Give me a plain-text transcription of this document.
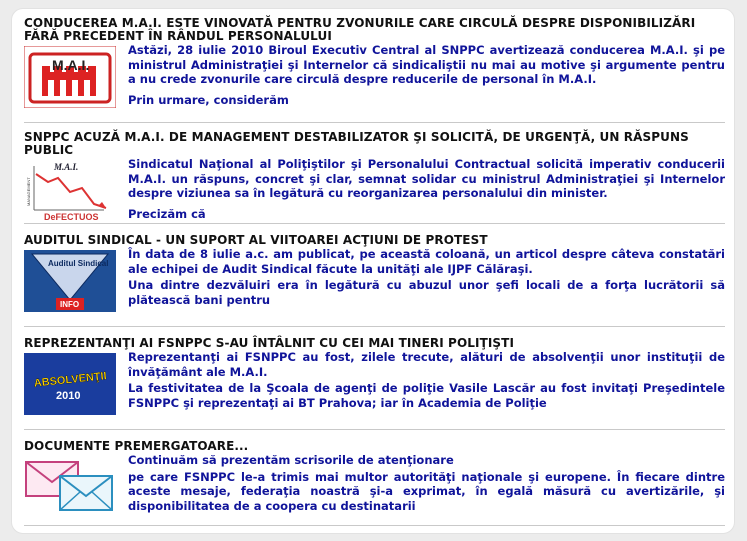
CONDUCEREA M.A.I. ESTE VINOVATĂ PENTRU ZVONURILE CARE CIRCULĂ DESPRE DISPONIBILIZĂRI FĂRĂ PRECEDENT ÎN RÂNDUL PERSONALULUI
M.A.I.

Astăzi, 28 iulie 2010 Biroul Executiv Central al SNPPC avertizează conducerea M.A.I. şi pe ministrul Administraţiei şi Internelor că sindicaliştii nu mai au motive şi argumente pentru a nu crede zvonurile care circulă despre reducerile de personal în M.A.I.

Prin urmare, considerăm
SNPPC ACUZĂ M.A.I. DE MANAGEMENT DESTABILIZATOR ŞI SOLICITĂ, DE URGENŢĂ, UN RĂSPUNS PUBLIC
M.A.I.
DeFECTUOS
MANAGEMENT

Sindicatul Naţional al Poliţiştilor şi Personalului Contractual solicită imperativ conducerii M.A.I. un răspuns, concret şi clar, semnat solidar cu ministrul Administraţiei şi Internelor despre viziunea sa în legătură cu reorganizarea personalului din minister.

Precizăm că
AUDITUL SINDICAL - UN SUPORT AL VIITOAREI ACŢIUNI DE PROTEST
Auditul Sindical
INFO

În data de 8 iulie a.c. am publicat, pe această coloană, un articol despre câteva constatări ale echipei de Audit Sindical făcute la unităţi ale IJPF Călăraşi.

Una dintre dezvăluiri era în legătură cu abuzul unor şefi locali de a forţa lucrătorii să plătească bani pentru

REPREZENTANŢI AI FSNPPC S-AU ÎNTÂLNIT CU CEI MAI TINERI POLIŢIŞTI
ABSOLVENŢII
2010

Reprezentanţi ai FSNPPC au fost, zilele trecute, alături de absolvenţii unor instituţii de învăţământ ale M.A.I.

La festivitatea de la Şcoala de agenţi de poliţie Vasile Lascăr au fost invitaţi Preşedintele FSNPPC şi reprezentaţi ai BT Prahova; iar în Academia de Poliţie

DOCUMENTE PREMERGATOARE...

Continuăm să prezentăm scrisorile de atenţionare

pe care FSNPPC le-a trimis mai multor autorităţi naţionale şi europene. În fiecare dintre aceste mesaje, federaţia noastră şi-a exprimat, în egală măsură cu avertizările, şi disponibilitatea de a coopera cu destinatarii
